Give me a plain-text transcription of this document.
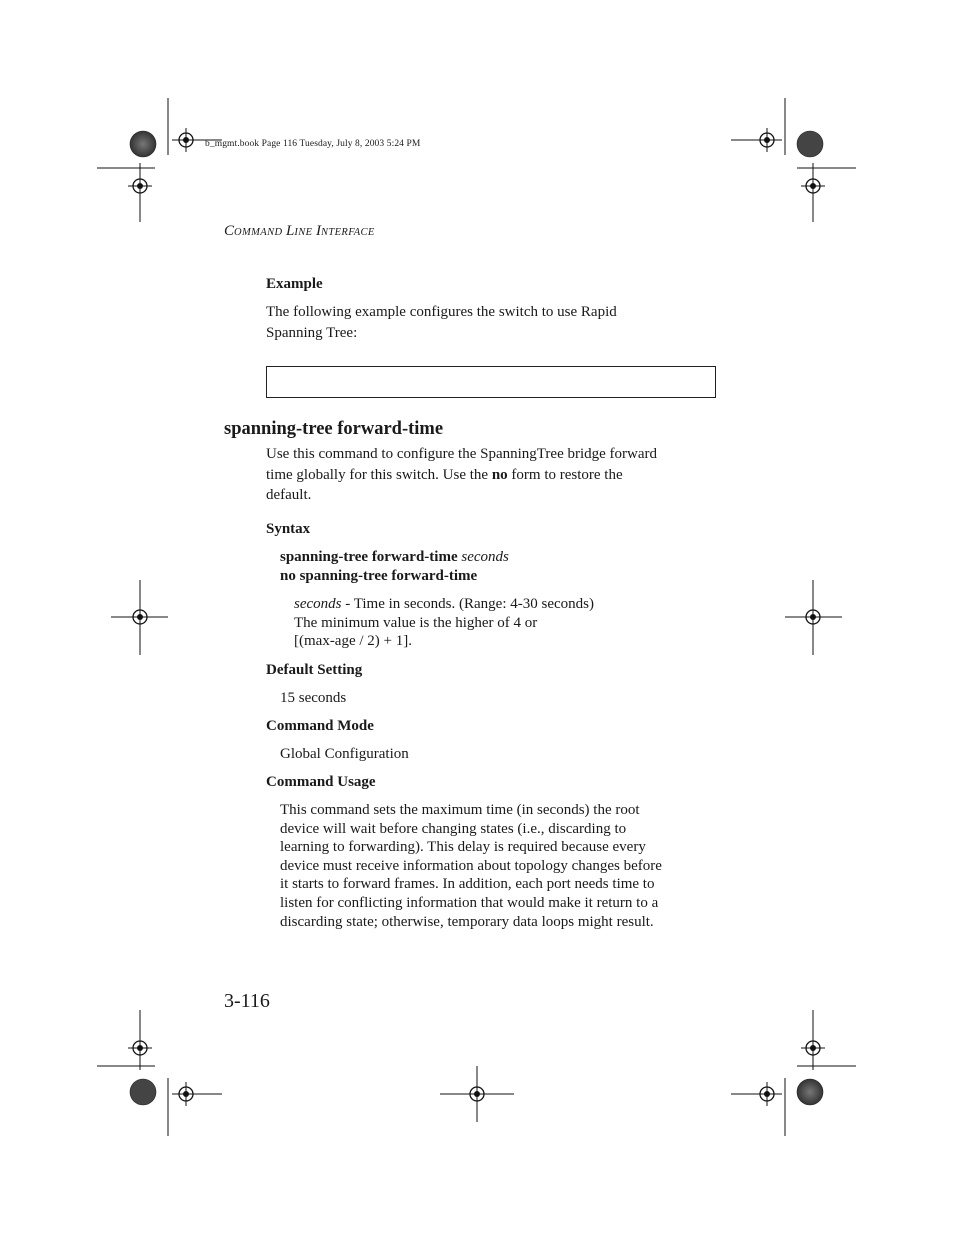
b_mgmt.book Page 116 Tuesday, July 8, 2003 5:24 PM
COMMAND LINE INTERFACE
Example
The following example configures the switch to use Rapid
Spanning Tree:
spanning-tree forward-time
Use this command to configure the SpanningTree bridge forward
time globally for this switch. Use the no form to restore the
default.
Syntax
spanning-tree forward-time seconds
no spanning-tree forward-time
seconds - Time in seconds. (Range: 4-30 seconds)
The minimum value is the higher of 4 or
[(max-age / 2) + 1].
Default Setting
15 seconds
Command Mode
Global Configuration
Command Usage
This command sets the maximum time (in seconds) the root
device will wait before changing states (i.e., discarding to
learning to forwarding). This delay is required because every
device must receive information about topology changes before
it starts to forward frames. In addition, each port needs time to
listen for conflicting information that would make it return to a
discarding state; otherwise, temporary data loops might result.
3-116
